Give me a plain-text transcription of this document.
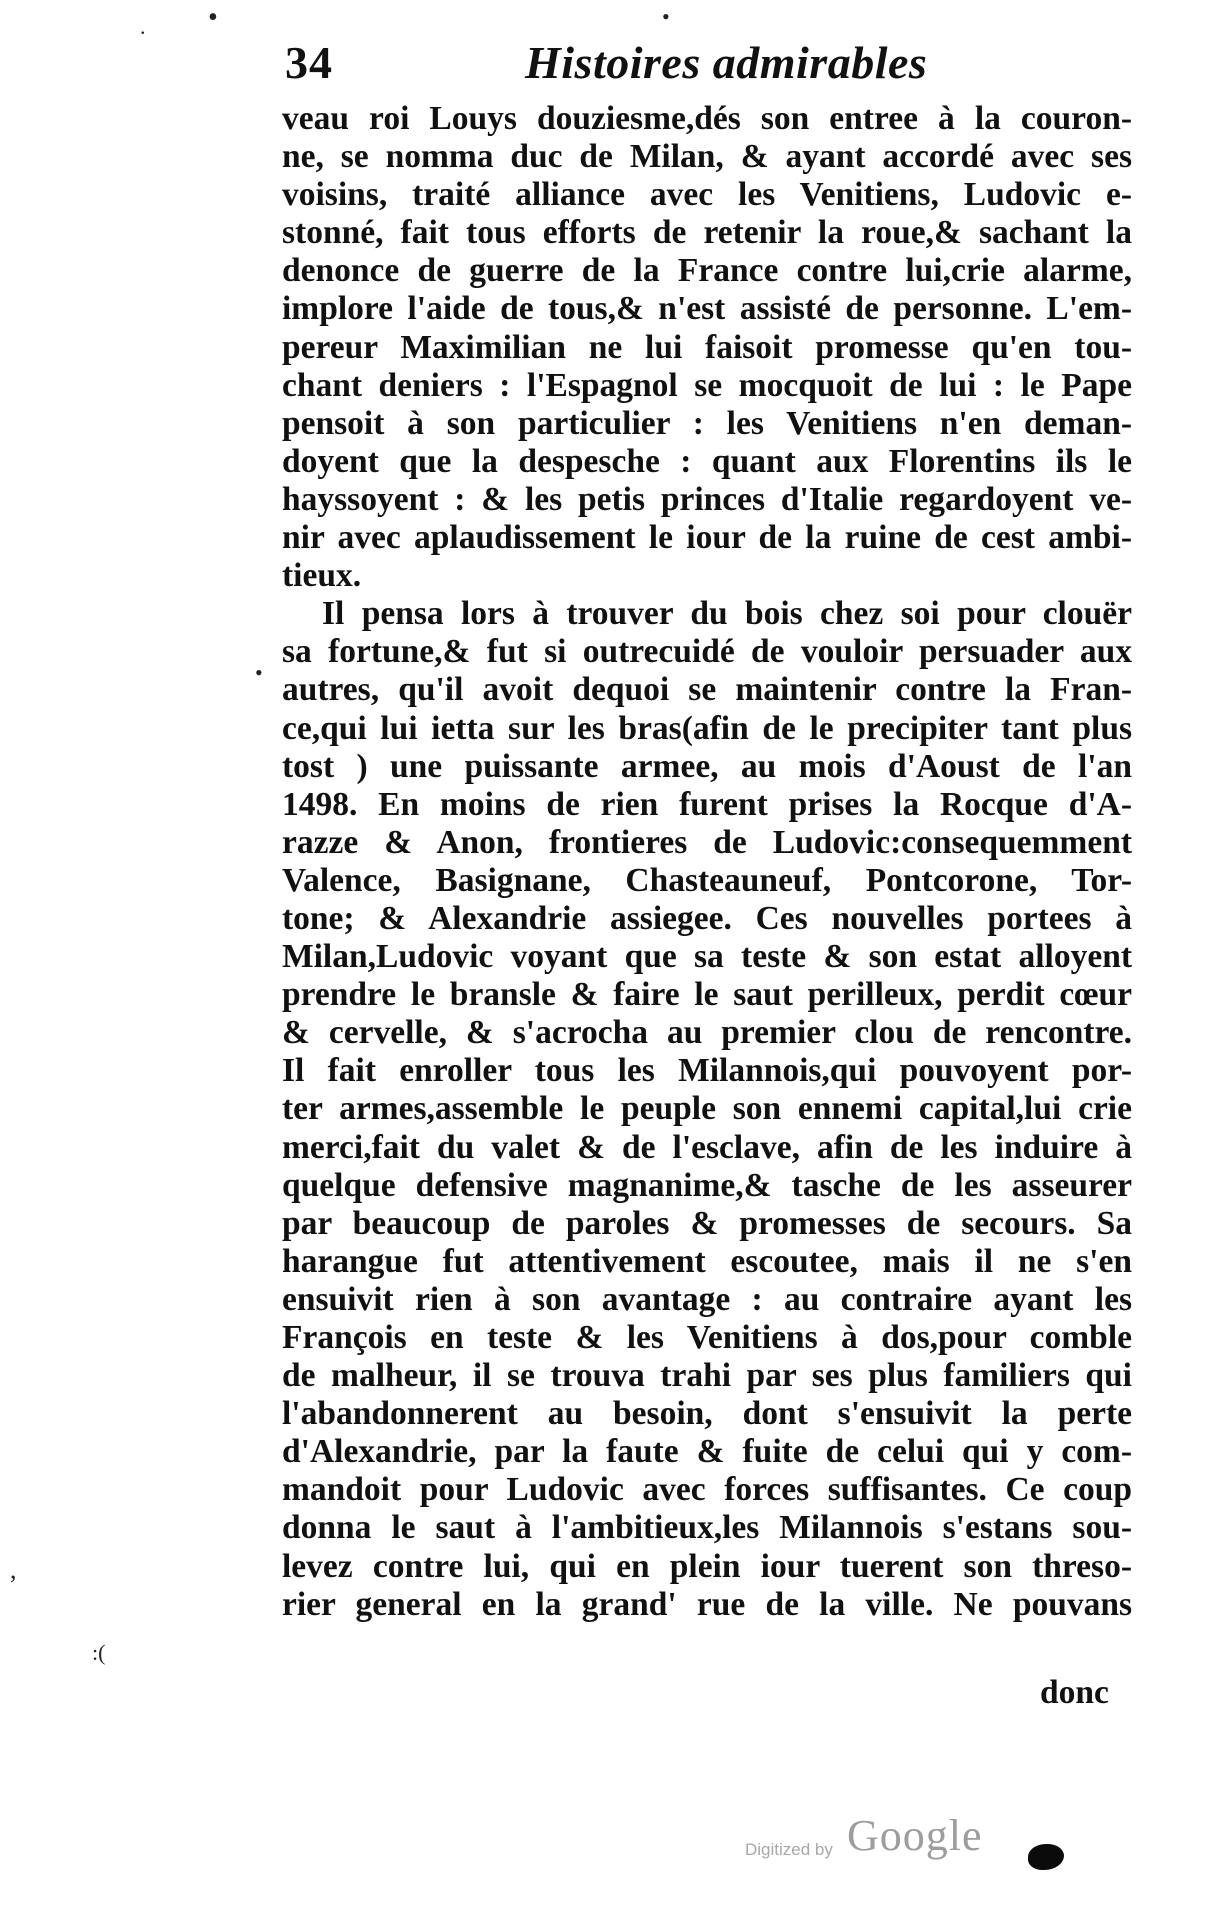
34	Histoires admirables
veau roi Louys douziesme,dés son entree à la couron-
ne, se nomma duc de Milan, & ayant accordé avec ses
voisins, traité alliance avec les Venitiens, Ludovic e-
stonné, fait tous efforts de retenir la roue,& sachant la
denonce de guerre de la France contre lui,crie alarme,
implore l'aide de tous,& n'est assisté de personne. L'em-
pereur Maximilian ne lui faisoit promesse qu'en tou-
chant deniers : l'Espagnol se mocquoit de lui : le Pape
pensoit à son particulier : les Venitiens n'en deman-
doyent que la despesche : quant aux Florentins ils le
hayssoyent : & les petis princes d'Italie regardoyent ve-
nir avec aplaudissement le iour de la ruine de cest ambi-
tieux.
Il pensa lors à trouver du bois chez soi pour clouër
sa fortune,& fut si outrecuidé de vouloir persuader aux
autres, qu'il avoit dequoi se maintenir contre la Fran-
ce,qui lui ietta sur les bras(afin de le precipiter tant plus
tost ) une puissante armee, au mois d'Aoust de l'an
1498. En moins de rien furent prises la Rocque d'A-
razze & Anon, frontieres de Ludovic:consequemment
Valence, Basignane, Chasteauneuf, Pontcorone, Tor-
tone; & Alexandrie assiegee. Ces nouvelles portees à
Milan,Ludovic voyant que sa teste & son estat alloyent
prendre le bransle & faire le saut perilleux, perdit cœur
& cervelle, & s'acrocha au premier clou de rencontre.
Il fait enroller tous les Milannois,qui pouvoyent por-
ter armes,assemble le peuple son ennemi capital,lui crie
merci,fait du valet & de l'esclave, afin de les induire à
quelque defensive magnanime,& tasche de les asseurer
par beaucoup de paroles & promesses de secours. Sa
harangue fut attentivement escoutee, mais il ne s'en
ensuivit rien à son avantage : au contraire ayant les
François en teste & les Venitiens à dos,pour comble
de malheur, il se trouva trahi par ses plus familiers qui
l'abandonnerent au besoin, dont s'ensuivit la perte
d'Alexandrie, par la faute & fuite de celui qui y com-
mandoit pour Ludovic avec forces suffisantes. Ce coup
donna le saut à l'ambitieux,les Milannois s'estans sou-
levez contre lui, qui en plein iour tuerent son threso-
rier general en la grand' rue de la ville. Ne pouvans
donc
. •	•
•
,
:(
Digitized by Google
